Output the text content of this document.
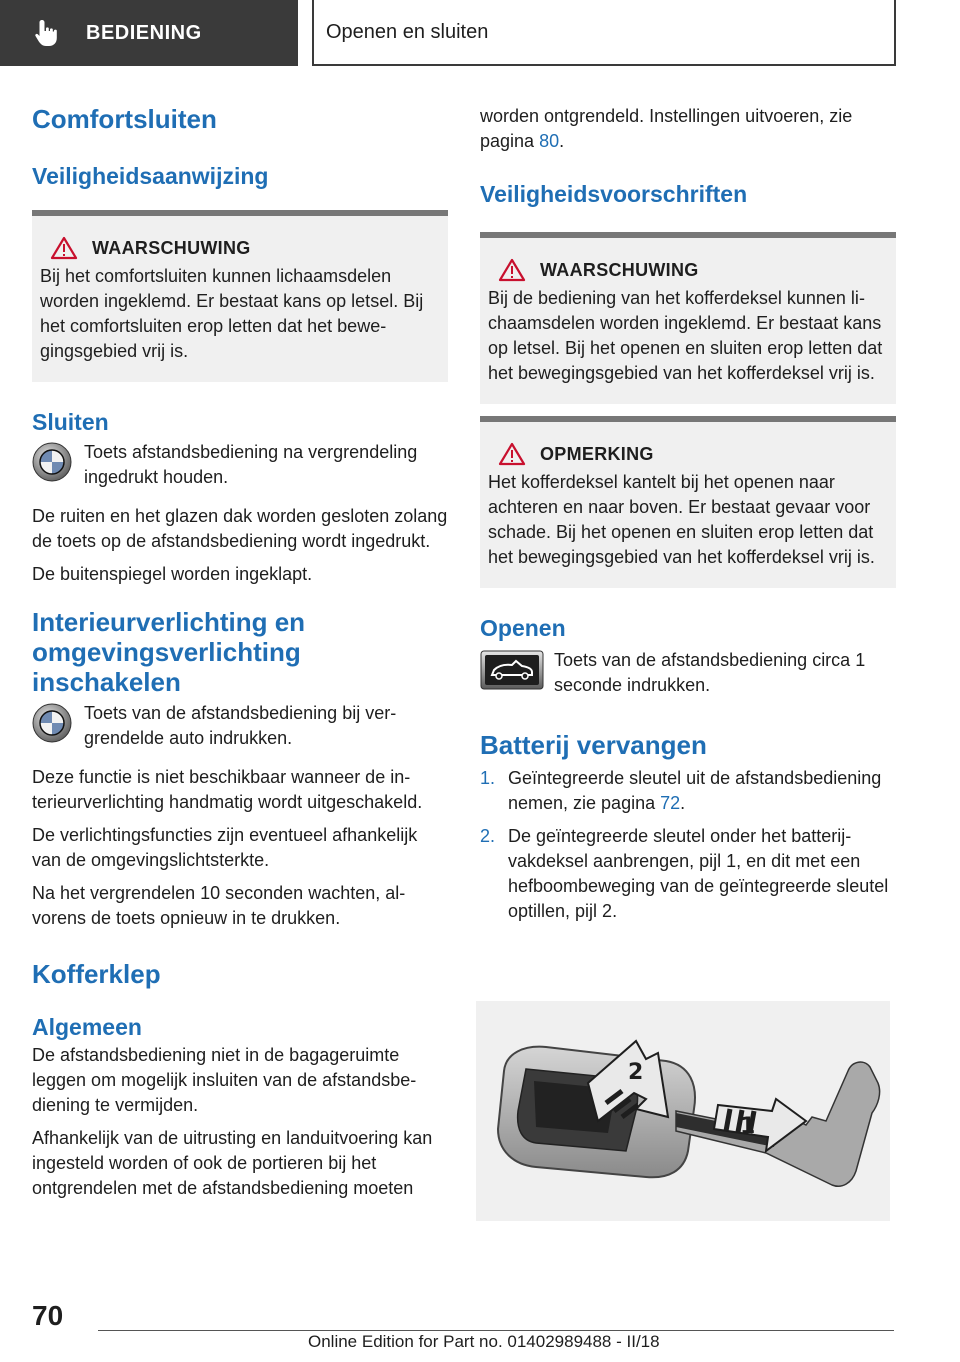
BEDIENING	Openen en sluiten
Comfortsluiten
Veiligheidsaanwijzing
WAARSCHUWING

Bij het comfortsluiten kunnen lichaamsdelen worden ingeklemd. Er bestaat kans op letsel. Bij het comfortsluiten erop letten dat het bewegingsgebied vrij is.

Sluiten

Toets afstandsbediening na vergrendeling ingedrukt houden.

De ruiten en het glazen dak worden gesloten zolang de toets op de afstandsbediening wordt ingedrukt.

De buitenspiegel worden ingeklapt.

Interieurverlichting en omgevingsverlichting inschakelen

Toets van de afstandsbediening bij vergrendelde auto indrukken.

Deze functie is niet beschikbaar wanneer de interieurverlichting handmatig wordt uitgeschakeld.

De verlichtingsfuncties zijn eventueel afhankelijk van de omgevingslichtsterkte.

Na het vergrendelen 10 seconden wachten, alvorens de toets opnieuw in te drukken.

Kofferklep
Algemeen

De afstandsbediening niet in de bagageruimte leggen om mogelijk insluiten van de afstandsbediening te vermijden.

Afhankelijk van de uitrusting en landuitvoering kan ingesteld worden of ook de portieren bij het ontgrendelen met de afstandsbediening moeten

worden ontgrendeld. Instellingen uitvoeren, zie pagina 80.

Veiligheidsvoorschriften
WAARSCHUWING

Bij de bediening van het kofferdeksel kunnen lichaamsdelen worden ingeklemd. Er bestaat kans op letsel. Bij het openen en sluiten erop letten dat het bewegingsgebied van het kofferdeksel vrij is.

OPMERKING

Het kofferdeksel kantelt bij het openen naar achteren en naar boven. Er bestaat gevaar voor schade. Bij het openen en sluiten erop letten dat het bewegingsgebied van het kofferdeksel vrij is.

Openen

Toets van de afstandsbediening circa 1 seconde indrukken.

Batterij vervangen
1. Geïntegreerde sleutel uit de afstandsbediening nemen, zie pagina 72.
2. De geïntegreerde sleutel onder het batterijvakdeksel aanbrengen, pijl 1, en dit met een hefboombeweging van de geïntegreerde sleutel optillen, pijl 2.
2
1
70
Online Edition for Part no. 01402989488 - II/18
